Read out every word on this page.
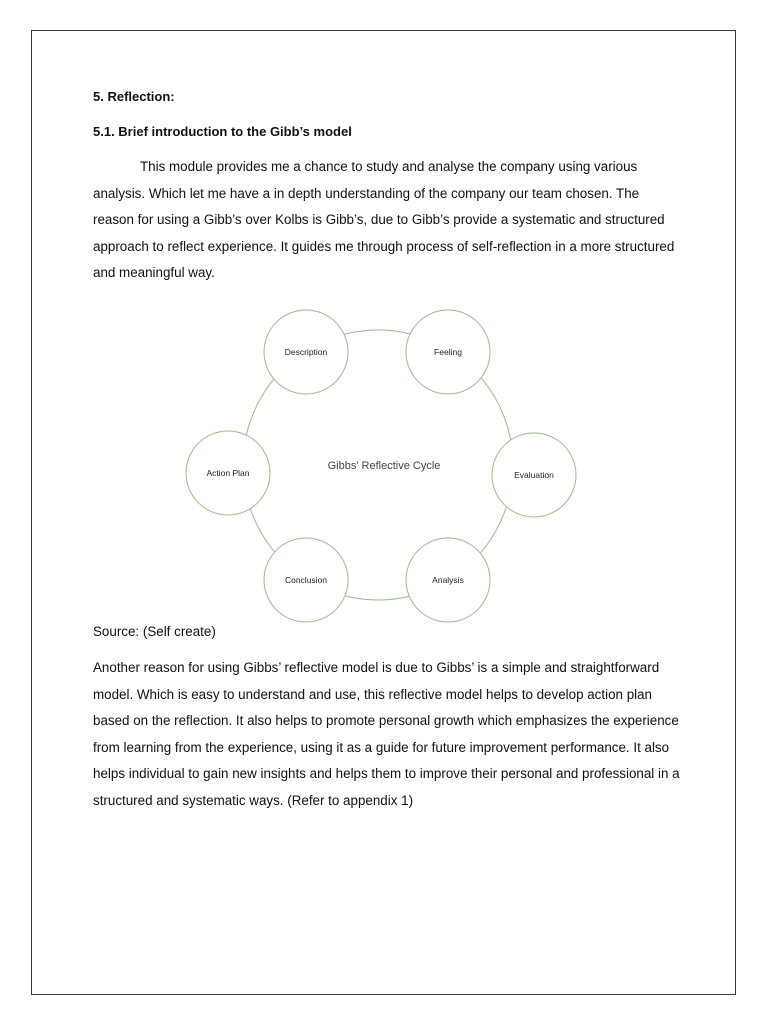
5. Reflection:
5.1. Brief introduction to the Gibb’s model

This module provides me a chance to study and analyse the company using various analysis. Which let me have a in depth understanding of the company our team chosen. The reason for using a Gibb’s over Kolbs is Gibb’s, due to Gibb’s provide a systematic and structured approach to reflect experience. It guides me through process of self-reflection in a more structured and meaningful way.

Description	Feeling
Evaluation
Analysis
Conclusion
Action Plan
Gibbs' Reflective Cycle
Source: (Self create)

Another reason for using Gibbs’ reflective model is due to Gibbs’ is a simple and straightforward model. Which is easy to understand and use, this reflective model helps to develop action plan based on the reflection. It also helps to promote personal growth which emphasizes the experience from learning from the experience, using it as a guide for future improvement performance. It also helps individual to gain new insights and helps them to improve their personal and professional in a structured and systematic ways. (Refer to appendix 1)
